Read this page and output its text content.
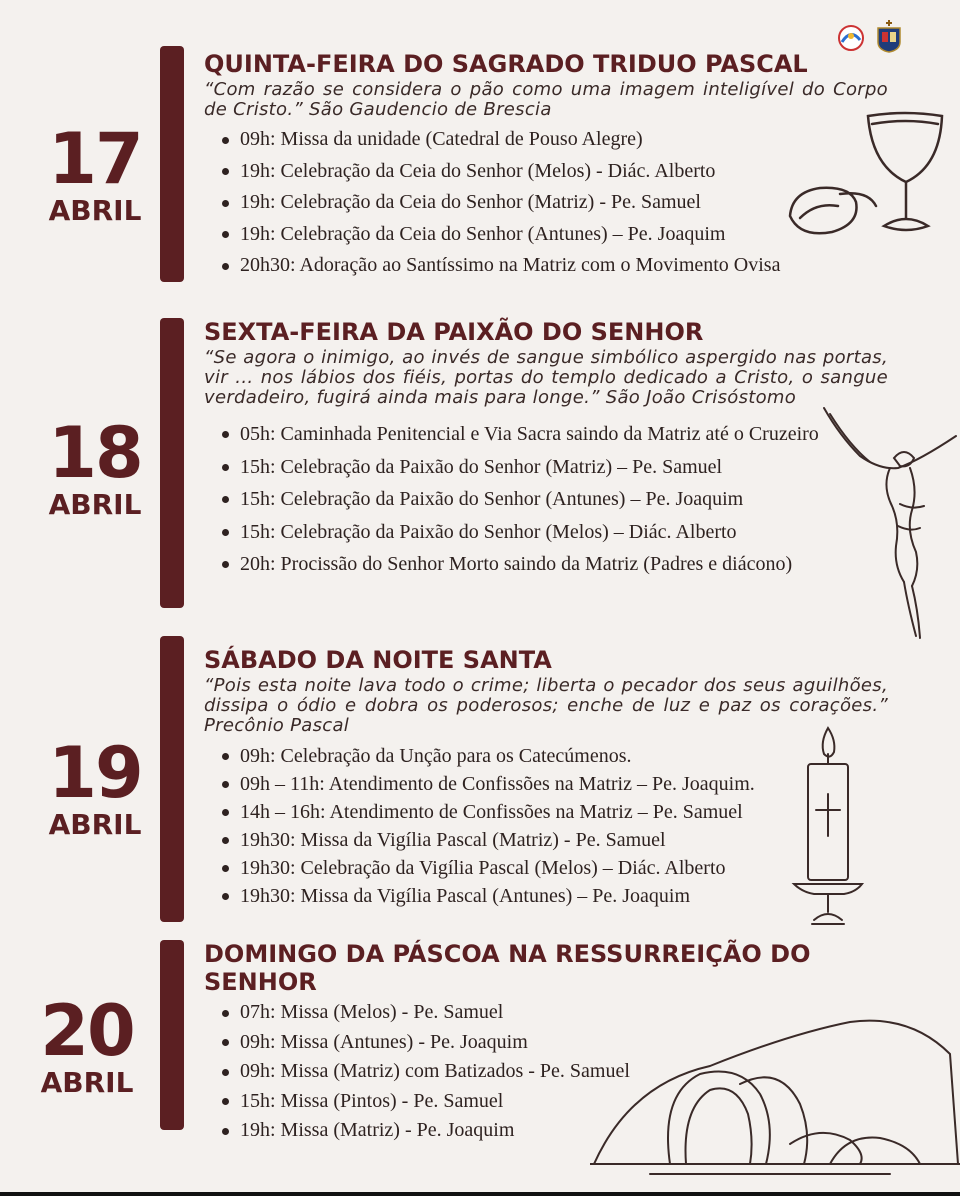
17
ABRIL
QUINTA-FEIRA DO SAGRADO TRIDUO PASCAL

“Com razão se considera o pão como uma imagem inteligível do Corpo de Cristo.” São Gaudencio de Brescia

09h: Missa da unidade (Catedral de Pouso Alegre)
19h: Celebração da Ceia do Senhor (Melos) - Diác. Alberto
19h: Celebração da Ceia do Senhor (Matriz) - Pe. Samuel
19h: Celebração da Ceia do Senhor (Antunes) – Pe. Joaquim
20h30: Adoração ao Santíssimo na Matriz com o Movimento Ovisa
18
ABRIL
SEXTA-FEIRA DA PAIXÃO DO SENHOR

“Se agora o inimigo, ao invés de sangue simbólico aspergido nas portas, vir ... nos lábios dos fiéis, portas do templo dedicado a Cristo, o sangue verdadeiro, fugirá ainda mais para longe.” São João Crisóstomo

05h: Caminhada Penitencial e Via Sacra saindo da Matriz até o Cruzeiro
15h: Celebração da Paixão do Senhor (Matriz) – Pe. Samuel
15h: Celebração da Paixão do Senhor (Antunes) – Pe. Joaquim
15h: Celebração da Paixão do Senhor (Melos) – Diác. Alberto
20h: Procissão do Senhor Morto saindo da Matriz (Padres e diácono)
19
ABRIL
SÁBADO DA NOITE SANTA

“Pois esta noite lava todo o crime; liberta o pecador dos seus aguilhões, dissipa o ódio e dobra os poderosos; enche de luz e paz os corações.” Precônio Pascal

09h: Celebração da Unção para os Catecúmenos.
09h – 11h: Atendimento de Confissões na Matriz – Pe. Joaquim.
14h – 16h: Atendimento de Confissões na Matriz – Pe. Samuel
19h30: Missa da Vigília Pascal (Matriz) - Pe. Samuel
19h30: Celebração da Vigília Pascal (Melos) – Diác. Alberto
19h30: Missa da Vigília Pascal (Antunes) – Pe. Joaquim
20
ABRIL
DOMINGO DA PÁSCOA NA RESSURREIÇÃO DO SENHOR
07h: Missa (Melos) - Pe. Samuel
09h: Missa (Antunes) - Pe. Joaquim
09h: Missa (Matriz) com Batizados - Pe. Samuel
15h: Missa (Pintos) - Pe. Samuel
19h: Missa (Matriz) - Pe. Joaquim
